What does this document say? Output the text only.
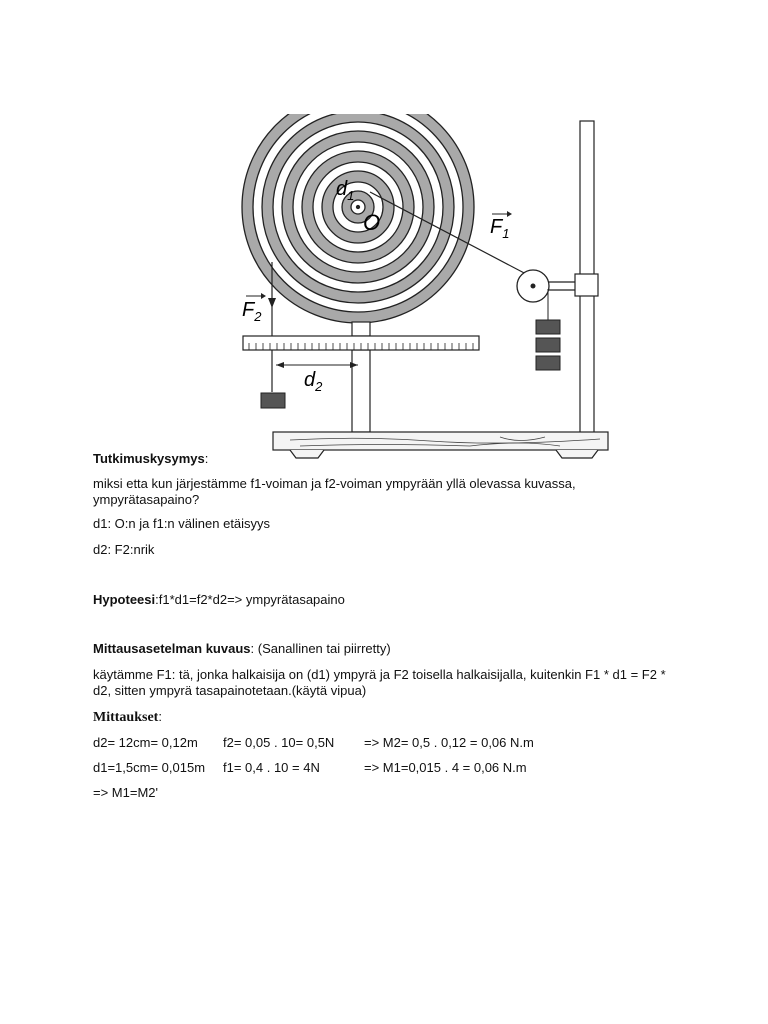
$d_1$
O	$F_1$
$F_2$
$d_2$
Tutkimuskysymys:
miksi etta kun järjestämme f1-voiman ja f2-voiman ympyrään yllä olevassa kuvassa, ympyrätasapaino?
d1: O:n ja f1:n välinen etäisyys
d2: F2:nrik
Hypoteesi:f1*d1=f2*d2=> ympyrätasapaino
Mittausasetelman kuvaus: (Sanallinen tai piirretty)
käytämme F1: tä, jonka halkaisija on (d1) ympyrä ja F2 toisella halkaisijalla, kuitenkin F1 * d1 = F2 * d2, sitten ympyrä tasapainotetaan.(käytä vipua)
Mittaukset:
d2= 12cm= 0,12m f2= 0,05 . 10= 0,5N => M2= 0,5 . 0,12 = 0,06 N.m
d1=1,5cm= 0,015m f1= 0,4 . 10 = 4N	=> M1=0,015 . 4 = 0,06 N.m
=> M1=M2'
